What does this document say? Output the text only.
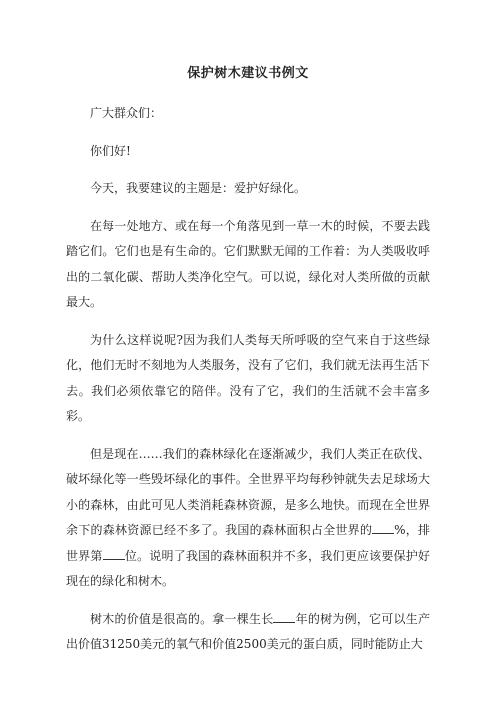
保护树木建议书例文

广大群众们：

你们好!

今天，我要建议的主题是：爱护好绿化。

在每一处地方、或在每一个角落见到一草一木的时候，不要去践踏它们。它们也是有生命的。它们默默无闻的工作着：为人类吸收呼出的二氧化碳、帮助人类净化空气。可以说，绿化对人类所做的贡献最大。

为什么这样说呢?因为我们人类每天所呼吸的空气来自于这些绿化，他们无时不刻地为人类服务，没有了它们，我们就无法再生活下去。我们必须依靠它的陪伴。没有了它，我们的生活就不会丰富多彩。

但是现在……我们的森林绿化在逐渐减少，我们人类正在砍伐、破坏绿化等一些毁坏绿化的事件。全世界平均每秒钟就失去足球场大小的森林，由此可见人类消耗森林资源，是多么地快。而现在全世界余下的森林资源已经不多了。我国的森林面积占全世界的 %，排世界第 位。说明了我国的森林面积并不多，我们更应该要保护好现在的绿化和树木。

树木的价值是很高的。拿一棵生长 年的树为例，它可以生产出价值31250美元的氧气和价值2500美元的蛋白质，同时能防止大
